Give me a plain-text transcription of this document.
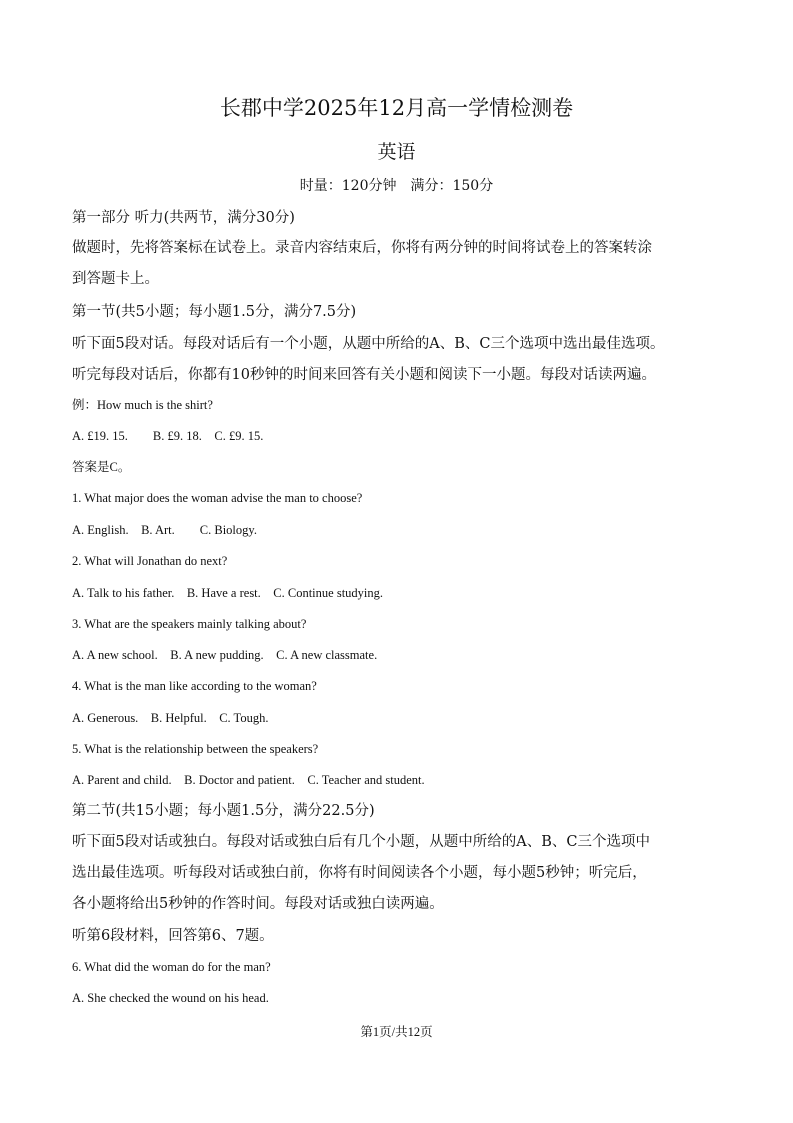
长郡中学2025年12月高一学情检测卷
英语
时量：120分钟　满分：150分
第一部分 听力(共两节，满分30分)
做题时，先将答案标在试卷上。录音内容结束后，你将有两分钟的时间将试卷上的答案转涂
到答题卡上。
第一节(共5小题；每小题1.5分，满分7.5分)
听下面5段对话。每段对话后有一个小题，从题中所给的A、B、C三个选项中选出最佳选项。
听完每段对话后，你都有10秒钟的时间来回答有关小题和阅读下一小题。每段对话读两遍。
例：How much is the shirt?
A. £19. 15.　　B. £9. 18.　C. £9. 15.
答案是C。
1. What major does the woman advise the man to choose?
A. English.　B. Art.　　C. Biology.
2. What will Jonathan do next?
A. Talk to his father.　B. Have a rest.　C. Continue studying.
3. What are the speakers mainly talking about?
A. A new school.　B. A new pudding.　C. A new classmate.
4. What is the man like according to the woman?
A. Generous.　B. Helpful.　C. Tough.
5. What is the relationship between the speakers?
A. Parent and child.　B. Doctor and patient.　C. Teacher and student.
第二节(共15小题；每小题1.5分，满分22.5分)
听下面5段对话或独白。每段对话或独白后有几个小题，从题中所给的A、B、C三个选项中
选出最佳选项。听每段对话或独白前，你将有时间阅读各个小题，每小题5秒钟；听完后，
各小题将给出5秒钟的作答时间。每段对话或独白读两遍。
听第6段材料，回答第6、7题。
6. What did the woman do for the man?
A. She checked the wound on his head.
第1页/共12页
